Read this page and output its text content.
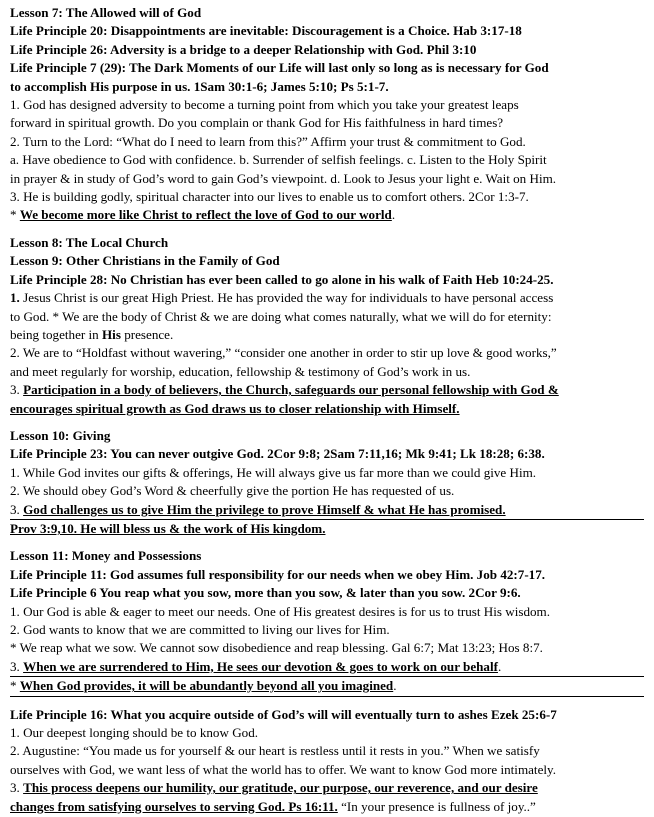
Lesson 7: The Allowed will of God
Life Principle 20: Disappointments are inevitable: Discouragement is a Choice. Hab 3:17-18
Life Principle 26: Adversity is a bridge to a deeper Relationship with God. Phil 3:10
Life Principle 7 (29): The Dark Moments of our Life will last only so long as is necessary for God
to accomplish His purpose in us. 1Sam 30:1-6; James 5:10; Ps 5:1-7.
1. God has designed adversity to become a turning point from which you take your greatest leaps
forward in spiritual growth. Do you complain or thank God for His faithfulness in hard times?
2. Turn to the Lord: “What do I need to learn from this?” Affirm your trust & commitment to God.
a. Have obedience to God with confidence. b. Surrender of selfish feelings. c. Listen to the Holy Spirit
in prayer & in study of God’s word to gain God’s viewpoint. d. Look to Jesus your light e. Wait on Him.
3. He is building godly, spiritual character into our lives to enable us to comfort others. 2Cor 1:3-7.
* We become more like Christ to reflect the love of God to our world.
Lesson 8: The Local Church
Lesson 9: Other Christians in the Family of God
Life Principle 28: No Christian has ever been called to go alone in his walk of Faith Heb 10:24-25.
1. Jesus Christ is our great High Priest. He has provided the way for individuals to have personal access
to God. * We are the body of Christ & we are doing what comes naturally, what we will do for eternity:
being together in His presence.
2. We are to “Holdfast without wavering,” “consider one another in order to stir up love & good works,”
and meet regularly for worship, education, fellowship & testimony of God’s work in us.
3. Participation in a body of believers, the Church, safeguards our personal fellowship with God &
encourages spiritual growth as God draws us to closer relationship with Himself.
Lesson 10: Giving
Life Principle 23: You can never outgive God. 2Cor 9:8; 2Sam 7:11,16; Mk 9:41; Lk 18:28; 6:38.
1. While God invites our gifts & offerings, He will always give us far more than we could give Him.
2. We should obey God’s Word & cheerfully give the portion He has requested of us.
3. God challenges us to give Him the privilege to prove Himself & what He has promised.
Prov 3:9,10. He will bless us & the work of His kingdom.
Lesson 11: Money and Possessions
Life Principle 11: God assumes full responsibility for our needs when we obey Him. Job 42:7-17.
Life Principle 6 You reap what you sow, more than you sow, & later than you sow. 2Cor 9:6.
1. Our God is able & eager to meet our needs. One of His greatest desires is for us to trust His wisdom.
2. God wants to know that we are committed to living our lives for Him.
* We reap what we sow. We cannot sow disobedience and reap blessing. Gal 6:7; Mat 13:23; Hos 8:7.
3. When we are surrendered to Him, He sees our devotion & goes to work on our behalf.
* When God provides, it will be abundantly beyond all you imagined.
Life Principle 16: What you acquire outside of God’s will will eventually turn to ashes Ezek 25:6-7
1. Our deepest longing should be to know God.
2. Augustine: “You made us for yourself & our heart is restless until it rests in you.” When we satisfy
ourselves with God, we want less of what the world has to offer. We want to know God more intimately.
3. This process deepens our humility, our gratitude, our purpose, our reverence, and our desire
changes from satisfying ourselves to serving God. Ps 16:11. “In your presence is fullness of joy..”
